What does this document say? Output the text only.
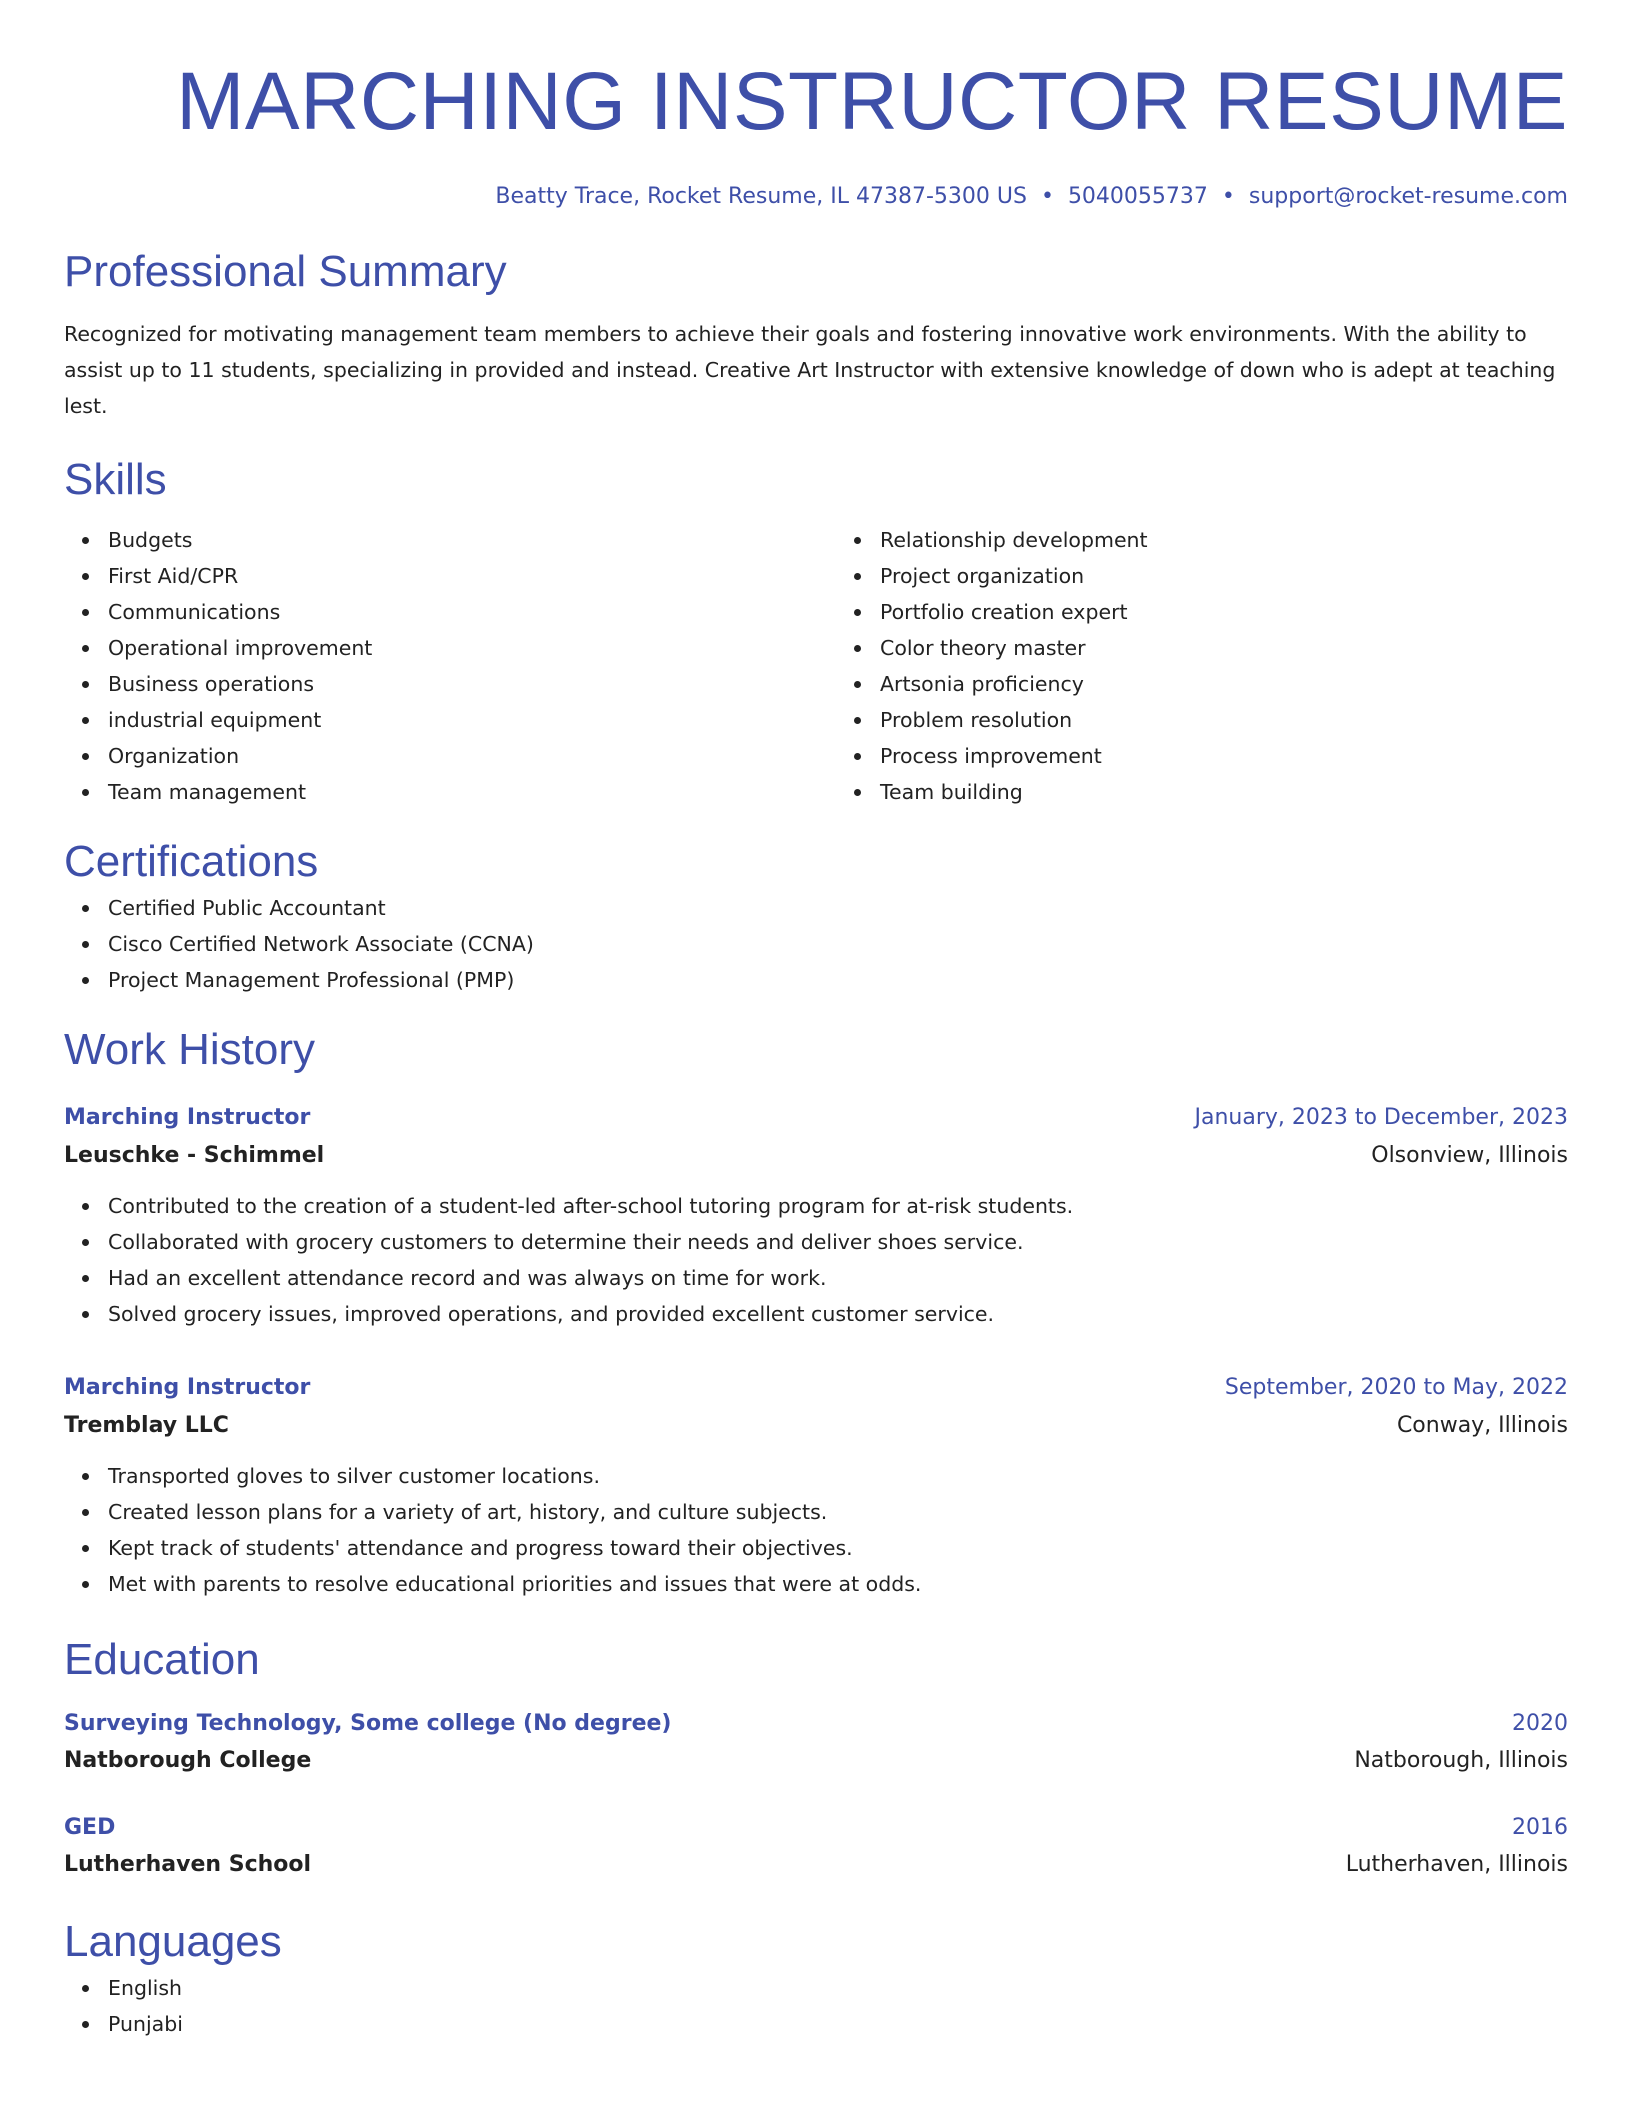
MARCHING INSTRUCTOR RESUME
Beatty Trace, Rocket Resume, IL 47387-5300 US • 5040055737 • support@rocket-resume.com
Professional Summary

Recognized for motivating management team members to achieve their goals and fostering innovative work environments. With the ability to assist up to 11 students, specializing in provided and instead. Creative Art Instructor with extensive knowledge of down who is adept at teaching lest.

Skills
Budgets
First Aid/CPR
Communications
Operational improvement
Business operations
industrial equipment
Organization
Team management
Relationship development
Project organization
Portfolio creation expert
Color theory master
Artsonia proficiency
Problem resolution
Process improvement
Team building
Certifications
Certified Public Accountant
Cisco Certified Network Associate (CCNA)
Project Management Professional (PMP)
Work History
Marching Instructor	January, 2023 to December, 2023
Leuschke - Schimmel	Olsonview, Illinois
Contributed to the creation of a student-led after-school tutoring program for at-risk students.
Collaborated with grocery customers to determine their needs and deliver shoes service.
Had an excellent attendance record and was always on time for work.
Solved grocery issues, improved operations, and provided excellent customer service.
Marching Instructor	September, 2020 to May, 2022
Tremblay LLC	Conway, Illinois
Transported gloves to silver customer locations.
Created lesson plans for a variety of art, history, and culture subjects.
Kept track of students' attendance and progress toward their objectives.
Met with parents to resolve educational priorities and issues that were at odds.
Education
Surveying Technology, Some college (No degree)	2020
Natborough College	Natborough, Illinois
GED	2016
Lutherhaven School	Lutherhaven, Illinois
Languages
English
Punjabi
